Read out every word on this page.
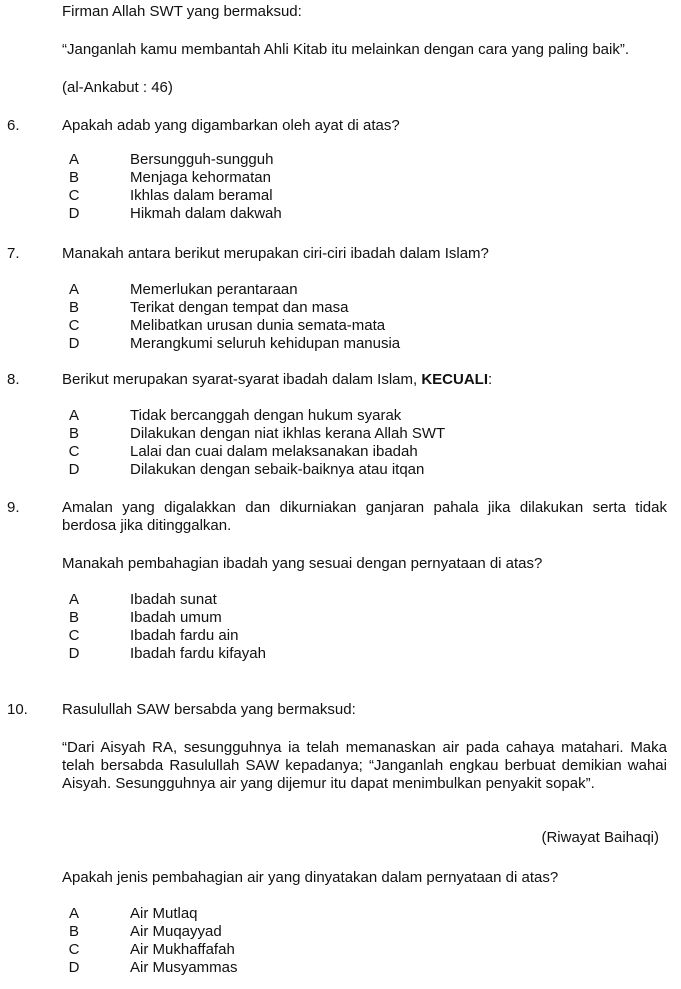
Firman Allah SWT yang bermaksud:
“Janganlah kamu membantah Ahli Kitab itu melainkan dengan cara yang paling baik”.
(al-Ankabut : 46)
6.	Apakah adab yang digambarkan oleh ayat di atas?
A	Bersungguh-sungguh
B	Menjaga kehormatan
C	Ikhlas dalam beramal
D	Hikmah dalam dakwah
7.	Manakah antara berikut merupakan ciri-ciri ibadah dalam Islam?
A	Memerlukan perantaraan
B	Terikat dengan tempat dan masa
C	Melibatkan urusan dunia semata-mata
D	Merangkumi seluruh kehidupan manusia
8.	Berikut merupakan syarat-syarat ibadah dalam Islam, KECUALI:
A	Tidak bercanggah dengan hukum syarak
B	Dilakukan dengan niat ikhlas kerana Allah SWT
C	Lalai dan cuai dalam melaksanakan ibadah
D	Dilakukan dengan sebaik-baiknya atau itqan
9.	Amalan yang digalakkan dan dikurniakan ganjaran pahala jika dilakukan serta tidak berdosa jika ditinggalkan.
Manakah pembahagian ibadah yang sesuai dengan pernyataan di atas?
A	Ibadah sunat
B	Ibadah umum
C	Ibadah fardu ain
D	Ibadah fardu kifayah
10. Rasulullah SAW bersabda yang bermaksud:
“Dari Aisyah RA, sesungguhnya ia telah memanaskan air pada cahaya matahari. Maka telah bersabda Rasulullah SAW kepadanya; “Janganlah engkau berbuat demikian wahai Aisyah. Sesungguhnya air yang dijemur itu dapat menimbulkan penyakit sopak”.
(Riwayat Baihaqi)
Apakah jenis pembahagian air yang dinyatakan dalam pernyataan di atas?
A	Air Mutlaq
B	Air Muqayyad
C	Air Mukhaffafah
D	Air Musyammas
